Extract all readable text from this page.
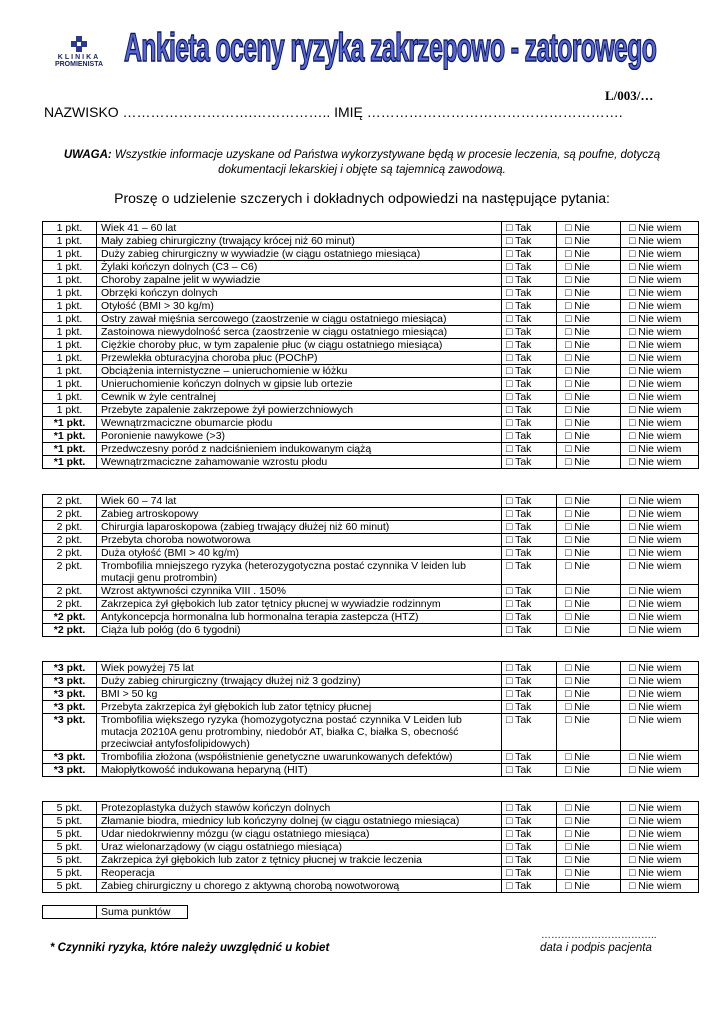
KLINIKA
PROMIENISTA Ankieta oceny ryzyka zakrzepowo - zatorowego
L/003/…
NAZWISKO ……………………….…………….. IMIĘ ……………………………………………….
UWAGA: Wszystkie informacje uzyskane od Państwa wykorzystywane będą w procesie leczenia, są poufne, dotyczą dokumentacji lekarskiej i objęte są tajemnicą zawodową.
Proszę o udzielenie szczerych i dokładnych odpowiedzi na następujące pytania:
1 pkt.	Wiek 41 – 60 lat	□ Tak	□ Nie	□ Nie wiem
1 pkt.	Mały zabieg chirurgiczny (trwający krócej niż 60 minut)	□ Tak	□ Nie	□ Nie wiem
1 pkt.	Duży zabieg chirurgiczny w wywiadzie (w ciągu ostatniego miesiąca)	□ Tak	□ Nie	□ Nie wiem
1 pkt.	Żylaki kończyn dolnych (C3 – C6)	□ Tak	□ Nie	□ Nie wiem
1 pkt.	Choroby zapalne jelit w wywiadzie	□ Tak	□ Nie	□ Nie wiem
1 pkt.	Obrzęki kończyn dolnych	□ Tak	□ Nie	□ Nie wiem
1 pkt.	Otyłość (BMI > 30 kg/m)	□ Tak	□ Nie	□ Nie wiem
1 pkt.	Ostry zawał mięśnia sercowego (zaostrzenie w ciągu ostatniego miesiąca)	□ Tak	□ Nie	□ Nie wiem
1 pkt.	Zastoinowa niewydolność serca (zaostrzenie w ciągu ostatniego miesiąca)	□ Tak	□ Nie	□ Nie wiem
1 pkt.	Ciężkie choroby płuc, w tym zapalenie płuc (w ciągu ostatniego miesiąca)	□ Tak	□ Nie	□ Nie wiem
1 pkt.	Przewlekła obturacyjna choroba płuc (POChP)	□ Tak	□ Nie	□ Nie wiem
1 pkt.	Obciążenia internistyczne – unieruchomienie w łóżku	□ Tak	□ Nie	□ Nie wiem
1 pkt.	Unieruchomienie kończyn dolnych w gipsie lub ortezie	□ Tak	□ Nie	□ Nie wiem
1 pkt.	Cewnik w żyle centralnej	□ Tak	□ Nie	□ Nie wiem
1 pkt.	Przebyte zapalenie zakrzepowe żył powierzchniowych	□ Tak	□ Nie	□ Nie wiem
*1 pkt.	Wewnątrzmaciczne obumarcie płodu	□ Tak	□ Nie	□ Nie wiem
*1 pkt.	Poronienie nawykowe (>3)	□ Tak	□ Nie	□ Nie wiem
*1 pkt.	Przedwczesny poród z nadciśnieniem indukowanym ciążą	□ Tak	□ Nie	□ Nie wiem
*1 pkt.	Wewnątrzmaciczne zahamowanie wzrostu płodu	□ Tak	□ Nie	□ Nie wiem
2 pkt.	Wiek 60 – 74 lat	□ Tak	□ Nie	□ Nie wiem
2 pkt.	Zabieg artroskopowy	□ Tak	□ Nie	□ Nie wiem
2 pkt.	Chirurgia laparoskopowa (zabieg trwający dłużej niż 60 minut)	□ Tak	□ Nie	□ Nie wiem
2 pkt.	Przebyta choroba nowotworowa	□ Tak	□ Nie	□ Nie wiem
2 pkt.	Duża otyłość (BMI > 40 kg/m)	□ Tak	□ Nie	□ Nie wiem
2 pkt.	Trombofilia mniejszego ryzyka (heterozygotyczna postać czynnika V leiden lub mutacji genu protrombin)	□ Tak	□ Nie	□ Nie wiem
2 pkt.	Wzrost aktywności czynnika VIII . 150%	□ Tak	□ Nie	□ Nie wiem
2 pkt.	Zakrzepica żył głębokich lub zator tętnicy płucnej w wywiadzie rodzinnym	□ Tak	□ Nie	□ Nie wiem
*2 pkt.	Antykoncepcja hormonalna lub hormonalna terapia zastepcza (HTZ)	□ Tak	□ Nie	□ Nie wiem
*2 pkt.	Ciąża lub połóg (do 6 tygodni)	□ Tak	□ Nie	□ Nie wiem
*3 pkt.	Wiek powyżej 75 lat	□ Tak	□ Nie	□ Nie wiem
*3 pkt.	Duży zabieg chirurgiczny (trwający dłużej niż 3 godziny)	□ Tak	□ Nie	□ Nie wiem
*3 pkt.	BMI > 50 kg	□ Tak	□ Nie	□ Nie wiem
*3 pkt.	Przebyta zakrzepica żył głębokich lub zator tętnicy płucnej	□ Tak	□ Nie	□ Nie wiem
*3 pkt.	Trombofilia większego ryzyka (homozygotyczna postać czynnika V Leiden lub mutacja 20210A genu protrombiny, niedobór AT, białka C, białka S, obecność przeciwciał antyfosfolipidowych)	□ Tak	□ Nie	□ Nie wiem
*3 pkt.	Trombofilia złożona (współistnienie genetyczne uwarunkowanych defektów)	□ Tak	□ Nie	□ Nie wiem
*3 pkt.	Małopłytkowość indukowana heparyną (HIT)	□ Tak	□ Nie	□ Nie wiem
5 pkt.	Protezoplastyka dużych stawów kończyn dolnych	□ Tak	□ Nie	□ Nie wiem
5 pkt.	Złamanie biodra, miednicy lub kończyny dolnej (w ciągu ostatniego miesiąca)	□ Tak	□ Nie	□ Nie wiem
5 pkt.	Udar niedokrwienny mózgu (w ciągu ostatniego miesiąca)	□ Tak	□ Nie	□ Nie wiem
5 pkt.	Uraz wielonarządowy (w ciągu ostatniego miesiąca)	□ Tak	□ Nie	□ Nie wiem
5 pkt.	Zakrzepica żył głębokich lub zator z tętnicy płucnej w trakcie leczenia	□ Tak	□ Nie	□ Nie wiem
5 pkt.	Reoperacja	□ Tak	□ Nie	□ Nie wiem
5 pkt.	Zabieg chirurgiczny u chorego z aktywną chorobą nowotworową	□ Tak	□ Nie	□ Nie wiem
	Suma punktów
* Czynniki ryzyka, które należy uwzględnić u kobiet
……………………………..
data i podpis pacjenta
